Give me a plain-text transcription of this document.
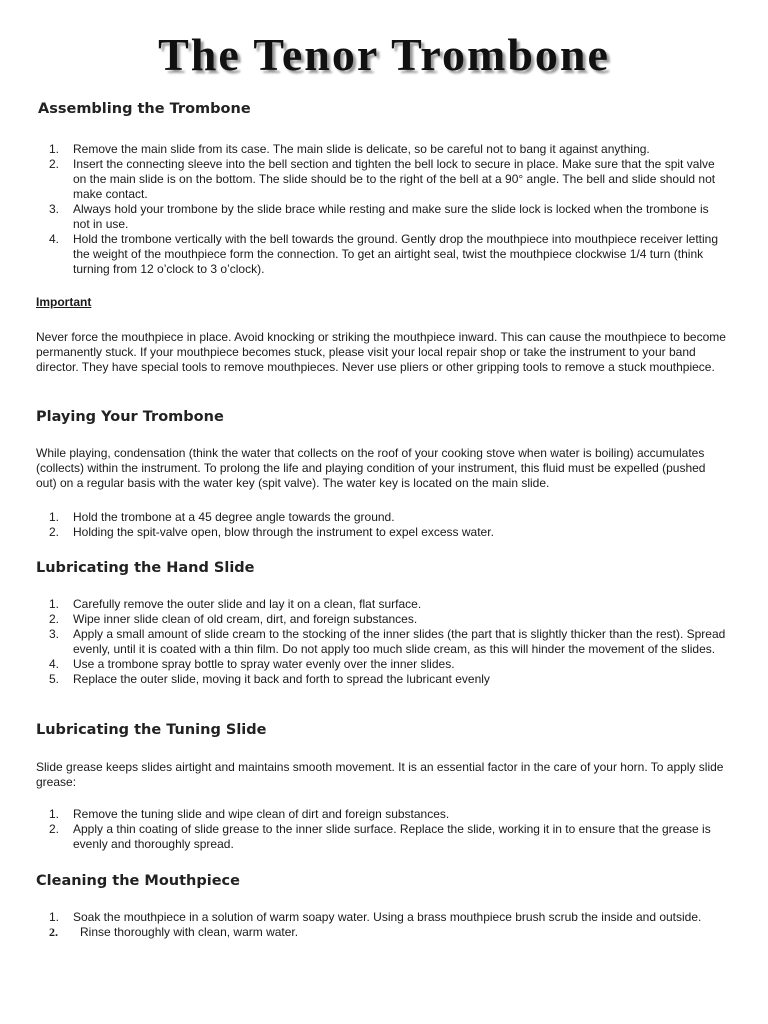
The Tenor Trombone
Assembling the Trombone
1. Remove the main slide from its case. The main slide is delicate, so be careful not to bang it against anything.
2. Insert the connecting sleeve into the bell section and tighten the bell lock to secure in place. Make sure that the spit valve on the main slide is on the bottom. The slide should be to the right of the bell at a 90° angle. The bell and slide should not make contact.
3. Always hold your trombone by the slide brace while resting and make sure the slide lock is locked when the trombone is not in use.
4. Hold the trombone vertically with the bell towards the ground. Gently drop the mouthpiece into mouthpiece receiver letting the weight of the mouthpiece form the connection. To get an airtight seal, twist the mouthpiece clockwise 1/4 turn (think turning from 12 o’clock to 3 o’clock).

Important

Never force the mouthpiece in place. Avoid knocking or striking the mouthpiece inward. This can cause the mouthpiece to become permanently stuck. If your mouthpiece becomes stuck, please visit your local repair shop or take the instrument to your band director. They have special tools to remove mouthpieces. Never use pliers or other gripping tools to remove a stuck mouthpiece.

Playing Your Trombone

While playing, condensation (think the water that collects on the roof of your cooking stove when water is boiling) accumulates (collects) within the instrument. To prolong the life and playing condition of your instrument, this fluid must be expelled (pushed out) on a regular basis with the water key (spit valve). The water key is located on the main slide.

1. Hold the trombone at a 45 degree angle towards the ground.
2. Holding the spit-valve open, blow through the instrument to expel excess water.
Lubricating the Hand Slide
1. Carefully remove the outer slide and lay it on a clean, flat surface.
2. Wipe inner slide clean of old cream, dirt, and foreign substances.
3. Apply a small amount of slide cream to the stocking of the inner slides (the part that is slightly thicker than the rest). Spread evenly, until it is coated with a thin film. Do not apply too much slide cream, as this will hinder the movement of the slides.
4. Use a trombone spray bottle to spray water evenly over the inner slides.
5. Replace the outer slide, moving it back and forth to spread the lubricant evenly
Lubricating the Tuning Slide

Slide grease keeps slides airtight and maintains smooth movement. It is an essential factor in the care of your horn. To apply slide grease:

1. Remove the tuning slide and wipe clean of dirt and foreign substances.
2. Apply a thin coating of slide grease to the inner slide surface. Replace the slide, working it in to ensure that the grease is evenly and thoroughly spread.
Cleaning the Mouthpiece
1. Soak the mouthpiece in a solution of warm soapy water. Using a brass mouthpiece brush scrub the inside and outside.
2. Rinse thoroughly with clean, warm water.
